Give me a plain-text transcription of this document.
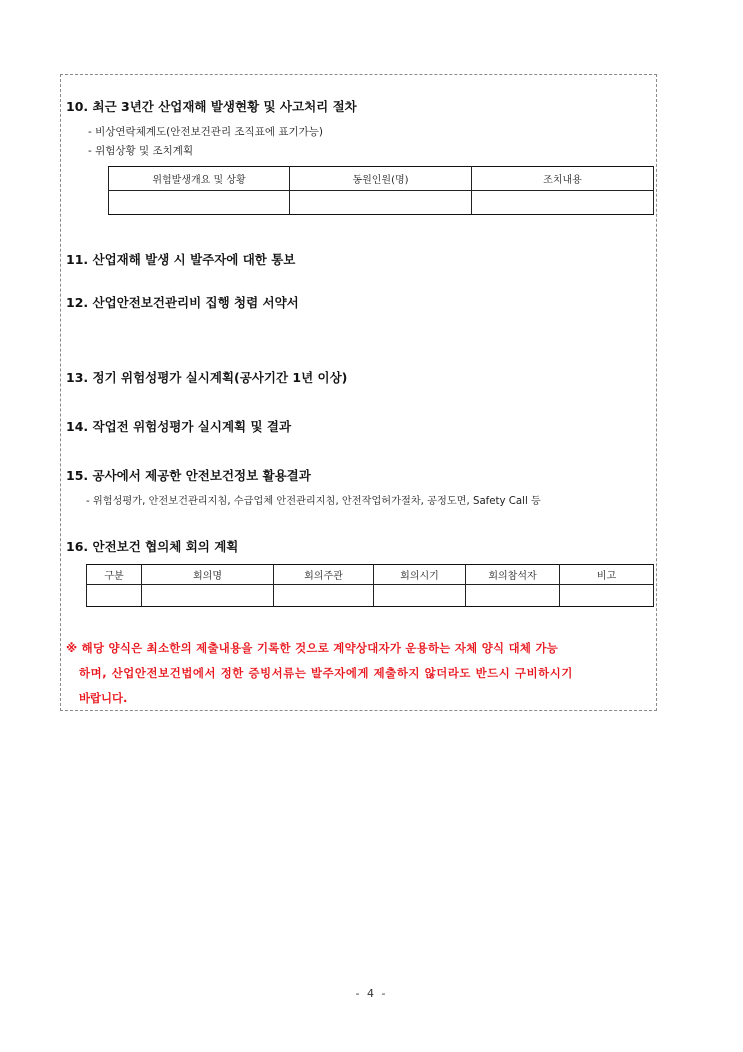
10. 최근 3년간 산업재해 발생현황 및 사고처리 절차
- 비상연락체계도(안전보건관리 조직표에 표기가능)
- 위험상황 및 조치계획
위험발생개요 및 상황	동원인원(명)	조치내용

11. 산업재해 발생 시 발주자에 대한 통보
12. 산업안전보건관리비 집행 청렴 서약서
13. 정기 위험성평가 실시계획(공사기간 1년 이상)
14. 작업전 위험성평가 실시계획 및 결과
15. 공사에서 제공한 안전보건정보 활용결과
- 위험성평가, 안전보건관리지침, 수급업체 안전관리지침, 안전작업허가절차, 공정도면, Safety Call 등
16. 안전보건 협의체 회의 계획
구분	회의명	회의주관	회의시기	회의참석자	비고

※ 해당 양식은 최소한의 제출내용을 기록한 것으로 계약상대자가 운용하는 자체 양식 대체 가능
하며, 산업안전보건법에서 정한 증빙서류는 발주자에게 제출하지 않더라도 반드시 구비하시기
바랍니다.
- 4 -
